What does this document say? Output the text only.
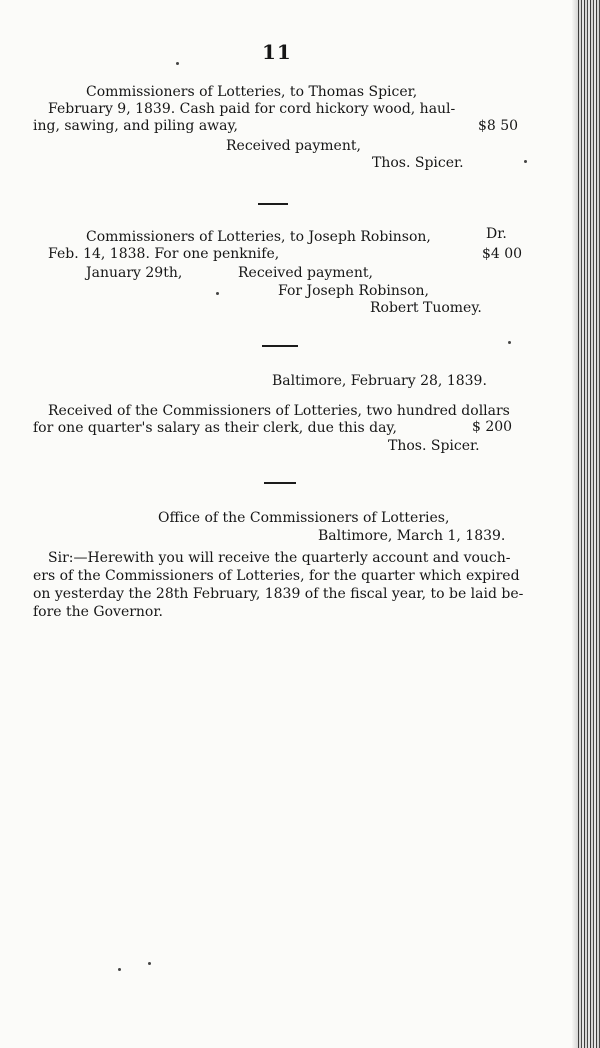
11
Commissioners of Lotteries, to Thomas Spicer,
February 9, 1839. Cash paid for cord hickory wood, haul-
ing, sawing, and piling away,	$8 50
Received payment,
Thos. Spicer.
Commissioners of Lotteries, to Joseph Robinson,	Dr.
Feb. 14, 1838. For one penknife,	$4 00
January 29th,	Received payment,
For Joseph Robinson,
Robert Tuomey.
Baltimore, February 28, 1839.
Received of the Commissioners of Lotteries, two hundred dollars
for one quarter's salary as their clerk, due this day,	$ 200
Thos. Spicer.
Office of the Commissioners of Lotteries,
Baltimore, March 1, 1839.
Sir:—Herewith you will receive the quarterly account and vouch-
ers of the Commissioners of Lotteries, for the quarter which expired
on yesterday the 28th February, 1839 of the fiscal year, to be laid be-
fore the Governor.
